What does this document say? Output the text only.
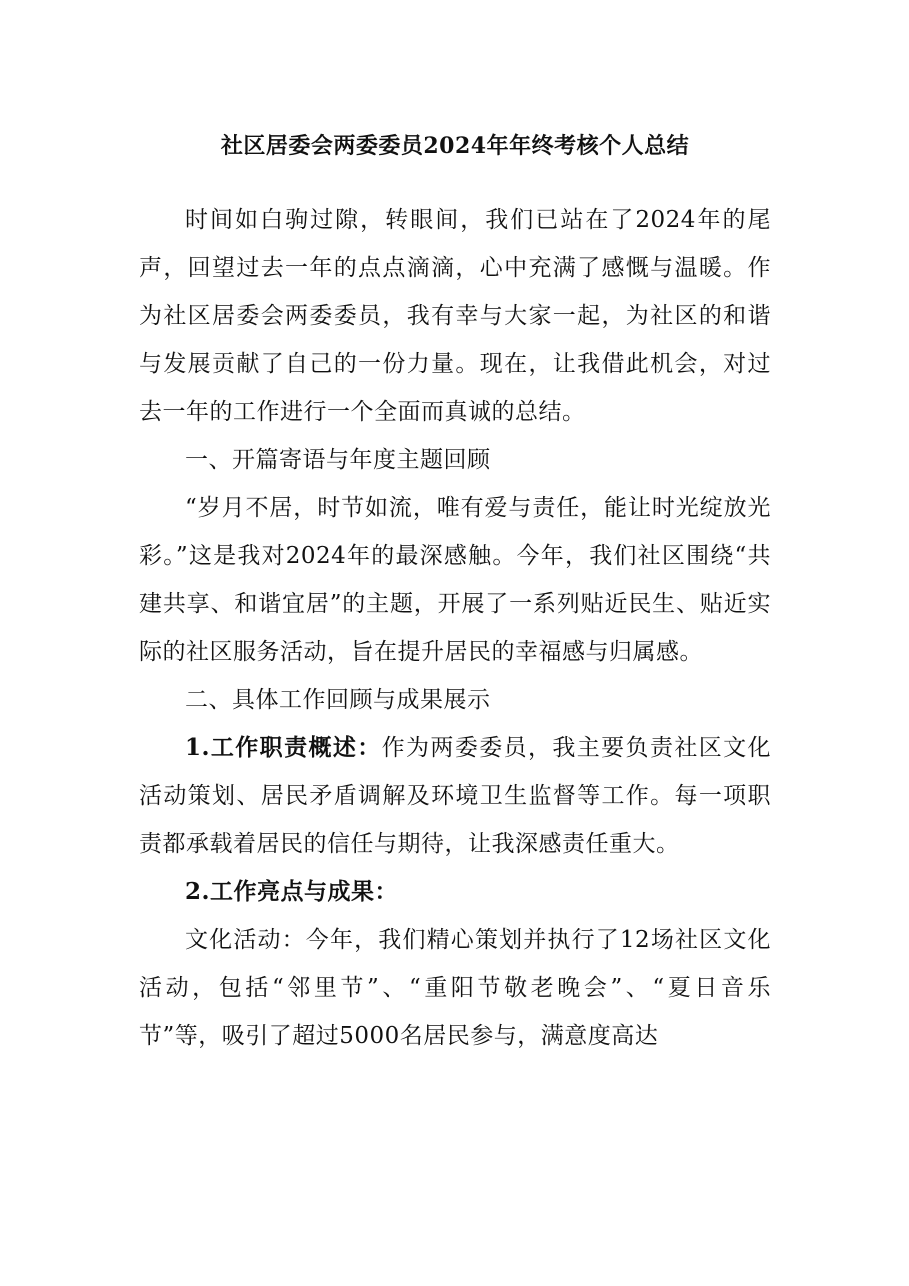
社区居委会两委委员2024年年终考核个人总结

时间如白驹过隙，转眼间，我们已站在了2024年的尾声，回望过去一年的点点滴滴，心中充满了感慨与温暖。作为社区居委会两委委员，我有幸与大家一起，为社区的和谐与发展贡献了自己的一份力量。现在，让我借此机会，对过去一年的工作进行一个全面而真诚的总结。

一、开篇寄语与年度主题回顾

“岁月不居，时节如流，唯有爱与责任，能让时光绽放光彩。”这是我对2024年的最深感触。今年，我们社区围绕“共建共享、和谐宜居”的主题，开展了一系列贴近民生、贴近实际的社区服务活动，旨在提升居民的幸福感与归属感。

二、具体工作回顾与成果展示

1.工作职责概述：作为两委委员，我主要负责社区文化活动策划、居民矛盾调解及环境卫生监督等工作。每一项职责都承载着居民的信任与期待，让我深感责任重大。

2.工作亮点与成果：

文化活动：今年，我们精心策划并执行了12场社区文化活动，包括“邻里节”、“重阳节敬老晚会”、“夏日音乐节”等，吸引了超过5000名居民参与，满意度高达
